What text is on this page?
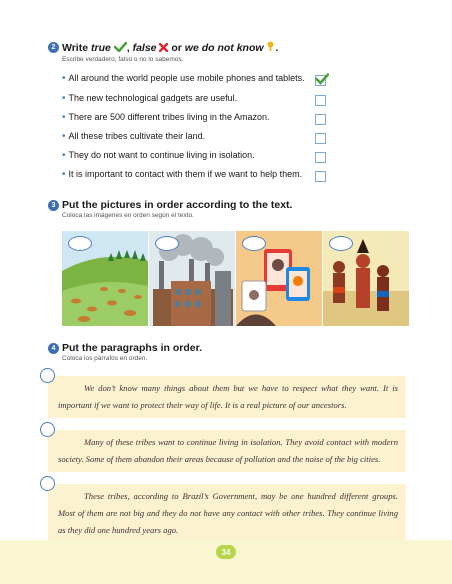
2 Write true , false  or we do not know .
Escribe verdadero, falso o no lo sabemos.
• All around the world people use mobile phones and tablets.
• The new technological gadgets are useful.
• There are 500 different tribes living in the Amazon.
• All these tribes cultivate their land.
• They do not want to continue living in isolation.
• It is important to contact with them if we want to help them.
3 Put the pictures in order according to the text.
Coloca las imágenes en orden según el texto.
4 Put the paragraphs in order.
Coloca los párrafos en orden.

We don’t know many things about them but we have to respect what they want. It is important if we want to protect their way of life. It is a real picture of our ancestors.

Many of these tribes want to continue living in isolation. They avoid contact with modern society. Some of them abandon their areas because of pollution and the noise of the big cities.

These tribes, according to Brazil’s Government, may be one hundred different groups. Most of them are not big and they do not have any contact with other tribes. They continue living as they did one hundred years ago.

34
